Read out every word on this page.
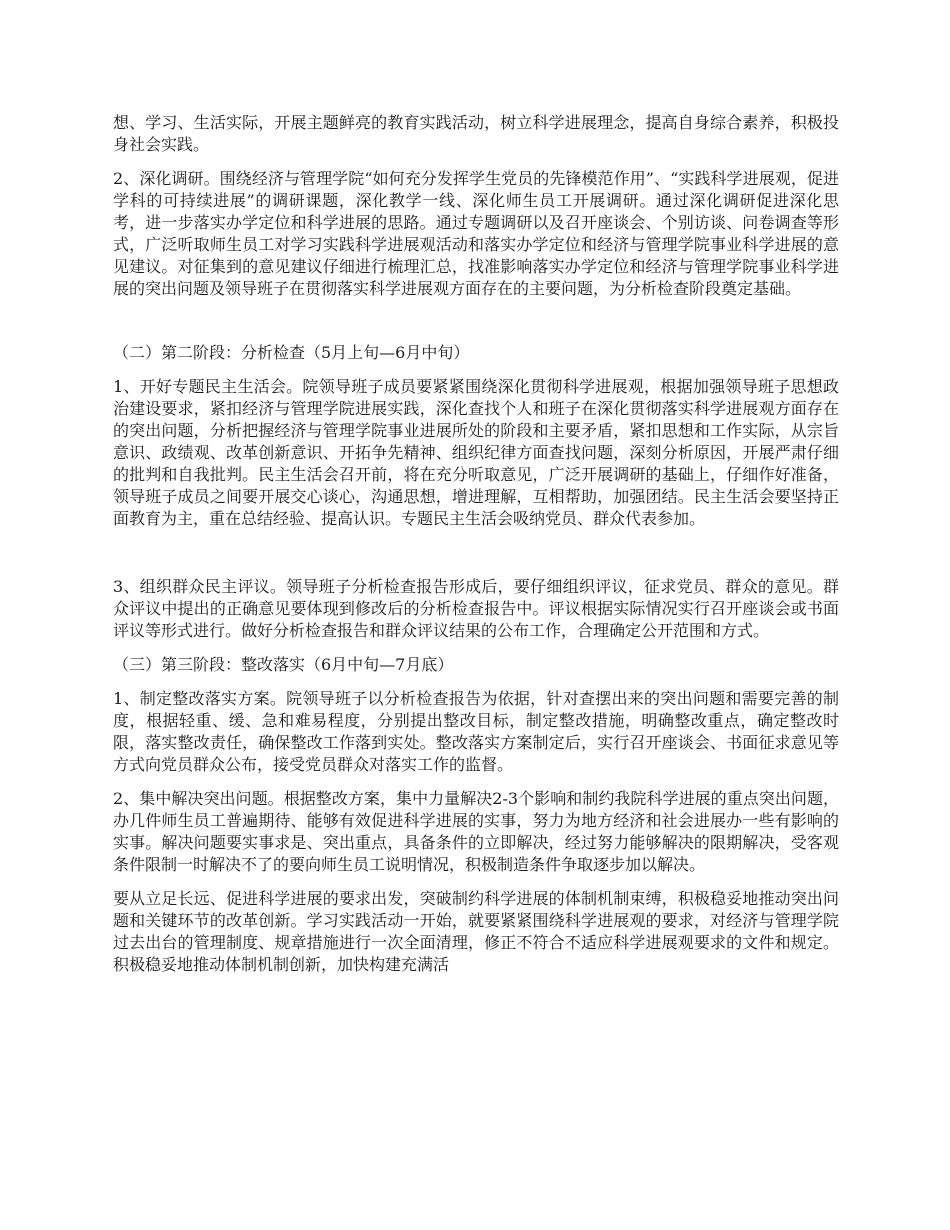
想、学习、生活实际，开展主题鲜亮的教育实践活动，树立科学进展理念，提高自身综合素养，积极投身社会实践。

2、深化调研。围绕经济与管理学院“如何充分发挥学生党员的先锋模范作用”、“实践科学进展观，促进学科的可持续进展”的调研课题，深化教学一线、深化师生员工开展调研。通过深化调研促进深化思考，进一步落实办学定位和科学进展的思路。通过专题调研以及召开座谈会、个别访谈、问卷调查等形式，广泛听取师生员工对学习实践科学进展观活动和落实办学定位和经济与管理学院事业科学进展的意见建议。对征集到的意见建议仔细进行梳理汇总，找准影响落实办学定位和经济与管理学院事业科学进展的突出问题及领导班子在贯彻落实科学进展观方面存在的主要问题，为分析检查阶段奠定基础。

（二）第二阶段：分析检查（5月上旬—6月中旬）

1、开好专题民主生活会。院领导班子成员要紧紧围绕深化贯彻科学进展观，根据加强领导班子思想政治建设要求，紧扣经济与管理学院进展实践，深化查找个人和班子在深化贯彻落实科学进展观方面存在的突出问题，分析把握经济与管理学院事业进展所处的阶段和主要矛盾，紧扣思想和工作实际，从宗旨意识、政绩观、改革创新意识、开拓争先精神、组织纪律方面查找问题，深刻分析原因，开展严肃仔细的批判和自我批判。民主生活会召开前，将在充分听取意见，广泛开展调研的基础上，仔细作好准备，领导班子成员之间要开展交心谈心，沟通思想，增进理解，互相帮助，加强团结。民主生活会要坚持正面教育为主，重在总结经验、提高认识。专题民主生活会吸纳党员、群众代表参加。

3、组织群众民主评议。领导班子分析检查报告形成后，要仔细组织评议，征求党员、群众的意见。群众评议中提出的正确意见要体现到修改后的分析检查报告中。评议根据实际情况实行召开座谈会或书面评议等形式进行。做好分析检查报告和群众评议结果的公布工作，合理确定公开范围和方式。

（三）第三阶段：整改落实（6月中旬—7月底）

1、制定整改落实方案。院领导班子以分析检查报告为依据，针对查摆出来的突出问题和需要完善的制度，根据轻重、缓、急和难易程度，分别提出整改目标，制定整改措施，明确整改重点，确定整改时限，落实整改责任，确保整改工作落到实处。整改落实方案制定后，实行召开座谈会、书面征求意见等方式向党员群众公布，接受党员群众对落实工作的监督。

2、集中解决突出问题。根据整改方案，集中力量解决2-3个影响和制约我院科学进展的重点突出问题，办几件师生员工普遍期待、能够有效促进科学进展的实事，努力为地方经济和社会进展办一些有影响的实事。解决问题要实事求是、突出重点，具备条件的立即解决，经过努力能够解决的限期解决，受客观条件限制一时解决不了的要向师生员工说明情况，积极制造条件争取逐步加以解决。

要从立足长远、促进科学进展的要求出发，突破制约科学进展的体制机制束缚，积极稳妥地推动突出问题和关键环节的改革创新。学习实践活动一开始，就要紧紧围绕科学进展观的要求，对经济与管理学院过去出台的管理制度、规章措施进行一次全面清理，修正不符合不适应科学进展观要求的文件和规定。积极稳妥地推动体制机制创新，加快构建充满活
